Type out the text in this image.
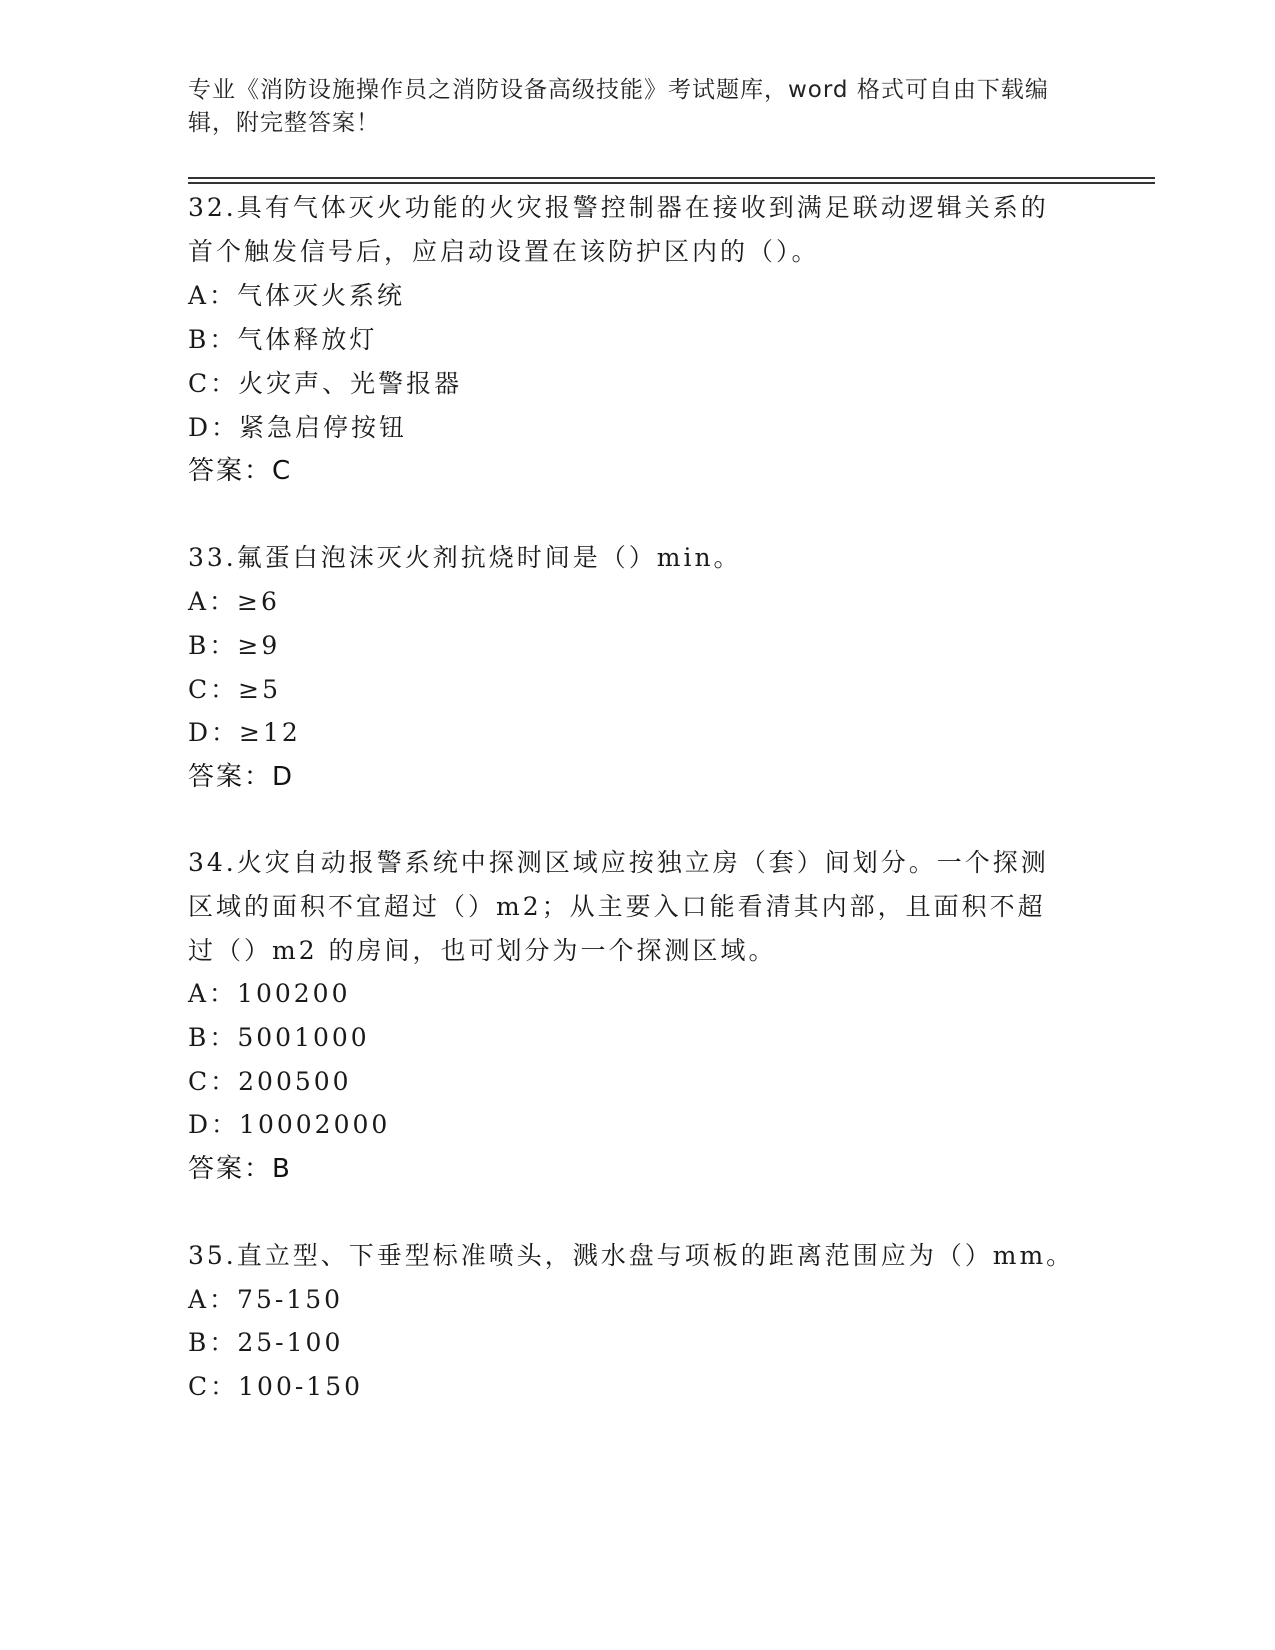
专业《消防设施操作员之消防设备高级技能》考试题库，word 格式可自由下载编
辑，附完整答案！
32.具有气体灭火功能的火灾报警控制器在接收到满足联动逻辑关系的
首个触发信号后，应启动设置在该防护区内的（）。
A：气体灭火系统
B：气体释放灯
C：火灾声、光警报器
D：紧急启停按钮
答案：C
33.氟蛋白泡沫灭火剂抗烧时间是（）min。
A：≥6
B：≥9
C：≥5
D：≥12
答案：D
34.火灾自动报警系统中探测区域应按独立房（套）间划分。一个探测
区域的面积不宜超过（）m2；从主要入口能看清其内部，且面积不超
过（）m2 的房间，也可划分为一个探测区域。
A：100200
B：5001000
C：200500
D：10002000
答案：B
35.直立型、下垂型标准喷头，溅水盘与项板的距离范围应为（）mm。
A：75-150
B：25-100
C：100-150
